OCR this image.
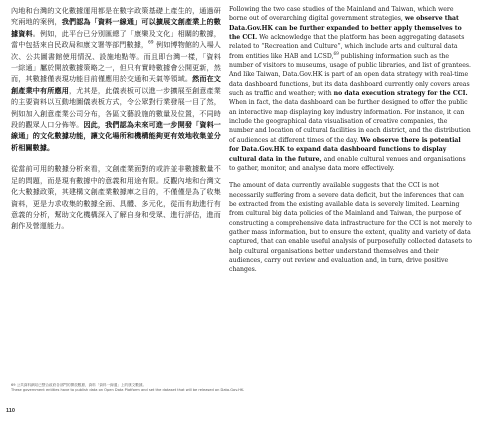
內地和台灣的文化數據運用都是在數字政策基礎上產生的，通過研究兩地的案例，我們認為「資料一線通」可以擴展文創產業上的數據資料。例如，此平台已分別匯總了「康樂及文化」相關的數據，當中包括來自民政局和康文署等部門數據，$^{69}$ 例如博物館的入場人次、公共圖書館使用情況、設施地點等。而且即台灣一樣，「資料一綜通」屬於開放數據策略之一，但只有實時數據會公開更新，然而，其數據僅表現功能目前僅應用於交通和天氣等領域。然而在文創產業中有所應用，尤其是，此儀表板可以進一步擴展至創意產業的主要資料以互動地圖儀表板方式，令公眾對行業發展一目了然，例如加入創意產業公司分布，各區文藝設施的數量及位置，不同時段的觀眾人口分佈等。因此，我們認為未來可進一步開發「資料一線通」的文化數據功能，讓文化場所和機構能夠更有效地收集並分析相關數據。

從當前可用的數據分析來看，文創產業面對的或許並非數據數量不足的問題，而是現有數據中的意義和用途有限。反觀內地和台灣文化大數據政策，其建構文創產業數據庫之目的，不僅僅是為了收集資料，更是力求收集的數據全面、具體、多元化，從而有助進行有意義的分析，幫助文化機構深入了解自身和受眾、進行評估，進而創作及營運能力。

Following the two case studies of the Mainland and Taiwan, which were borne out of overarching digital government strategies, we observe that Data.Gov.HK can be further expanded to better apply themselves to the CCI. We acknowledge that the platform has been aggregating datasets related to “Recreation and Culture”, which include arts and cultural data from entities like HAB and LCSD,$^{69}$ publishing information such as the number of visitors to museums, usage of public libraries, and list of grantees. And like Taiwan, Data.Gov.HK is part of an open data strategy with real-time data dashboard functions, but its data dashboard currently only covers areas such as traffic and weather; with no data execution strategy for the CCI. When in fact, the data dashboard can be further designed to offer the public an interactive map displaying key industry information. For instance, it can include the geographical data visualisation of creative companies, the number and location of cultural facilities in each district, and the distribution of audiences at different times of the day. We observe there is potential for Data.Gov.HK to expand data dashboard functions to display cultural data in the future, and enable cultural venues and organisations to gather, monitor, and analyse data more effectively.

The amount of data currently available suggests that the CCI is not necessarily suffering from a severe data deficit, but the inferences that can be extracted from the existing available data is severely limited. Learning from cultural big data policies of the Mainland and Taiwan, the purpose of constructing a comprehensive data infrastructure for the CCI is not merely to gather mass information, but to ensure the extent, quality and variety of data captured, that can enable useful analysis of purposefully collected datasets to help cultural organisations better understand themselves and their audiences, carry out review and evaluation and, in turn, drive positive changes.

69 公共資料網站已整合政府各部門的開放數據，資料「資料一線通」上的康文數據。

These government entities have to publish data on Open Data Platform and set the dataset that will be released on Data.Gov.HK.

110
